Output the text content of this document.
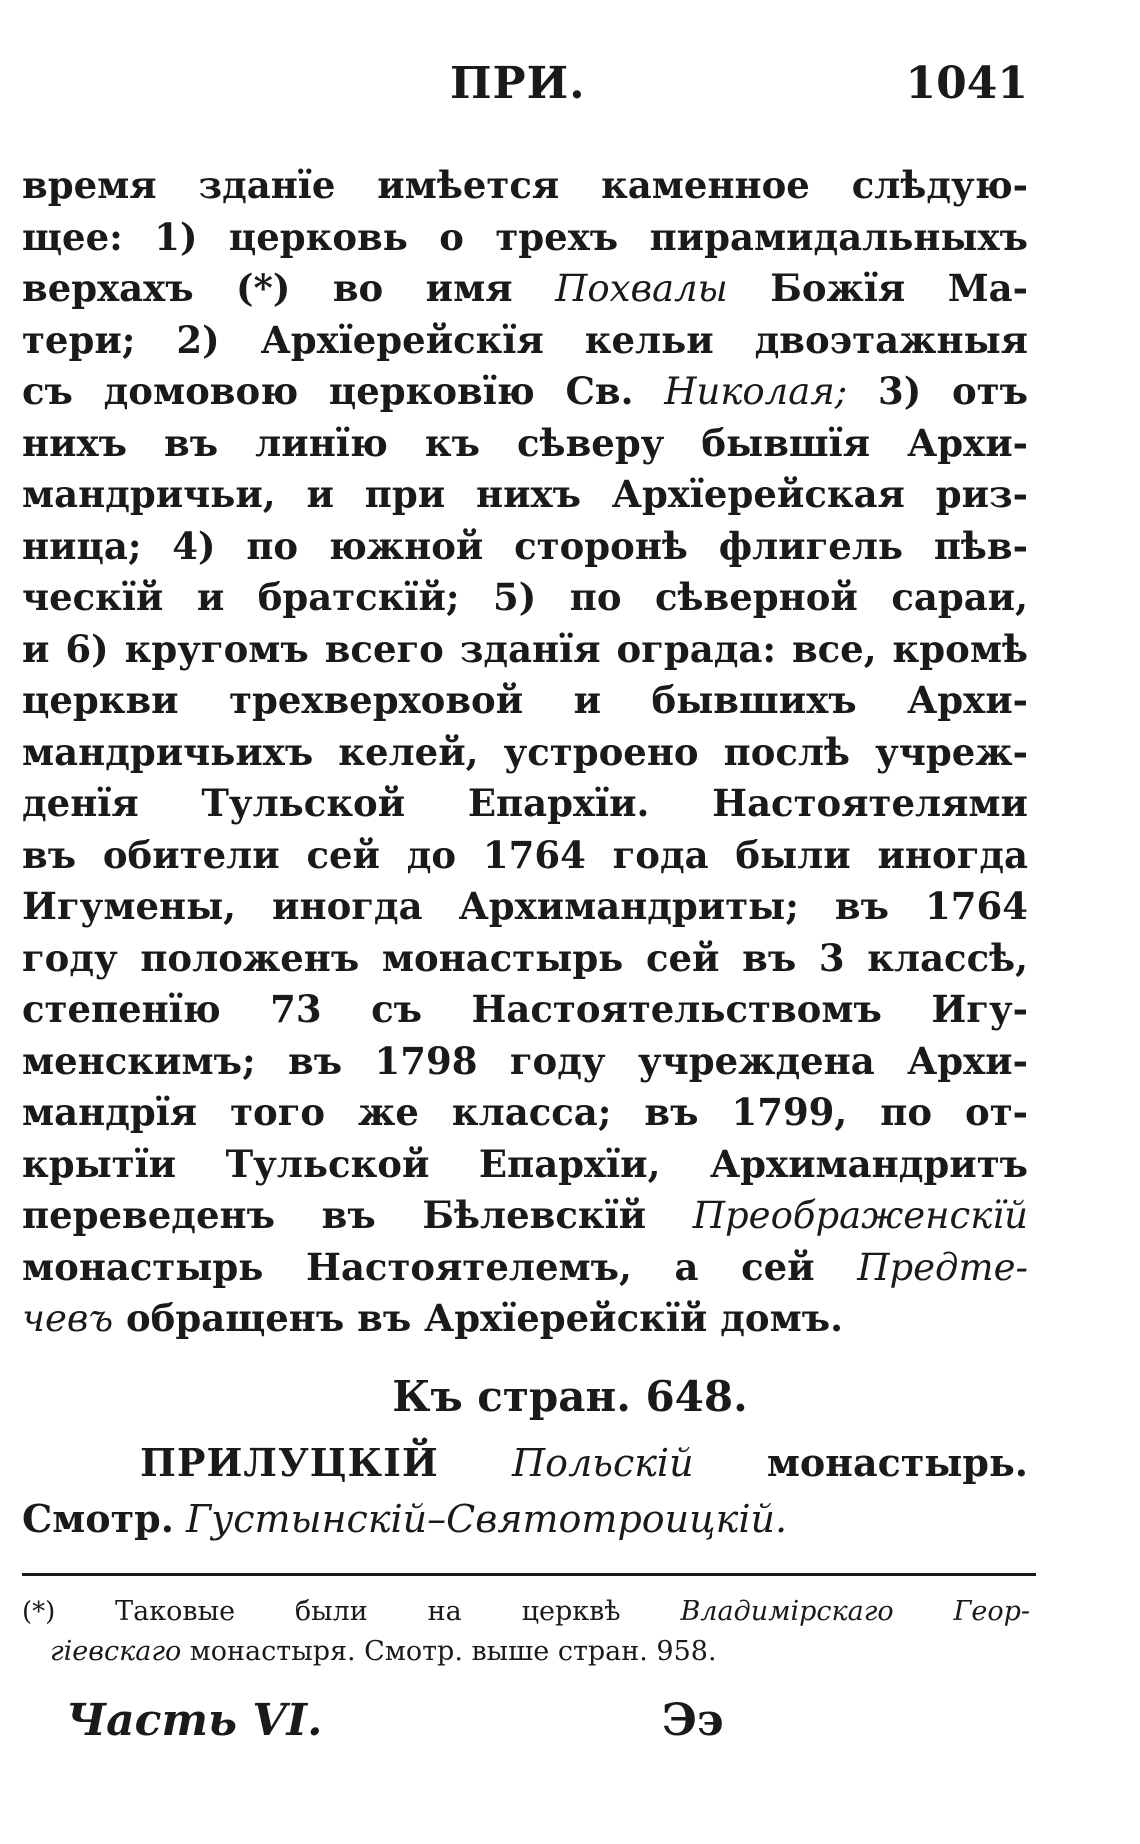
ПРИ.	1041
время зданїе имѣется каменное слѣдую-
щее: 1) церковь о трехъ пирамидальныхъ
верхахъ (*) во имя Похвалы Божїя Ма-
тери; 2) Архїерейскїя кельи двоэтажныя
съ домовою церковїю Св. Николая; 3) отъ
нихъ въ линїю къ сѣверу бывшїя Архи-
мандричьи, и при нихъ Архїерейская риз-
ница; 4) по южной сторонѣ флигель пѣв-
ческїй и братскїй; 5) по сѣверной сараи,
и 6) кругомъ всего зданїя ограда: все, кромѣ
церкви трехверховой и бывшихъ Архи-
мандричьихъ келей, устроено послѣ учреж-
денїя Тульской Епархїи. Настоятелями
въ обители сей до 1764 года были иногда
Игумены, иногда Архимандриты; въ 1764
году положенъ монастырь сей въ 3 классѣ,
степенїю 73 съ Настоятельствомъ Игу-
менскимъ; въ 1798 году учреждена Архи-
мандрїя того же класса; въ 1799, по от-
крытїи Тульской Епархїи, Архимандритъ
переведенъ въ Бѣлевскїй Преображенскїй
монастырь Настоятелемъ, а сей Предте-
чевъ обращенъ въ Архїерейскїй домъ.
Къ стран. 648.
ПРИЛУЦКІЙ Польскій монастырь.
Смотр. Густынскій–Святотроицкій.
(*) Таковые были на церквѣ Владимірскаго Геор-
гіевскаго монастыря. Смотр. выше стран. 958.
Часть VI.	Ээ
